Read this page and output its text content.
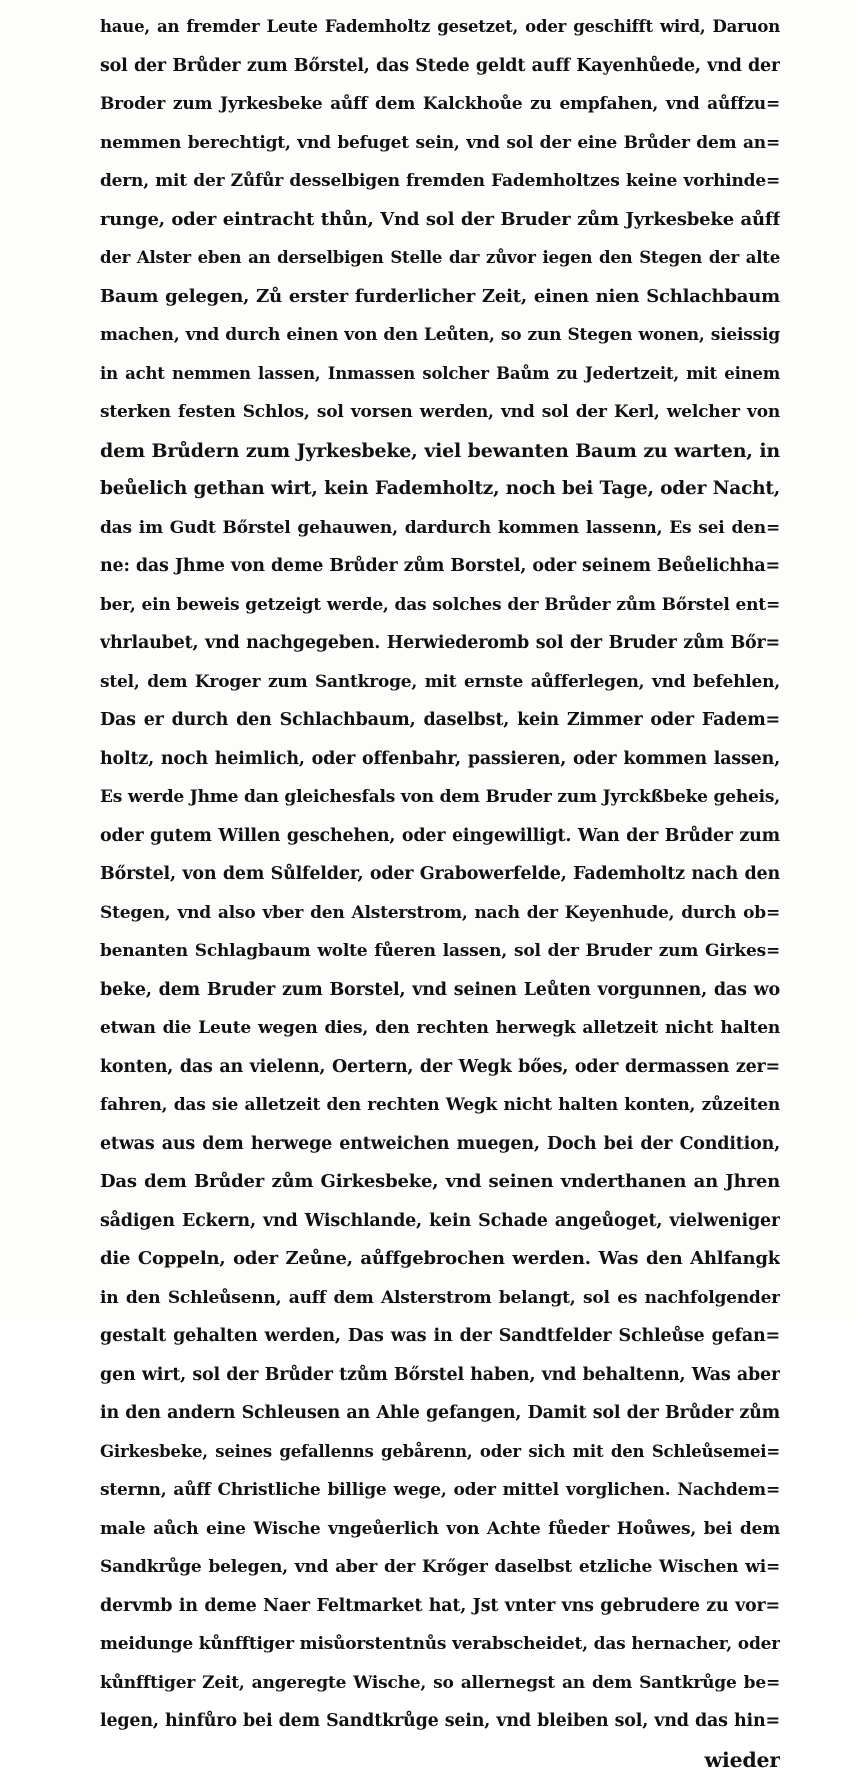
haue, an fremder Leute Fademholtz gesetzet, oder geschifft wird, Daruon
sol der Brůder zum Bőrstel, das Stede geldt auff Kayenhůede, vnd der
Broder zum Jyrkesbeke aůff dem Kalckhoůe zu empfahen, vnd aůffzu=
nemmen berechtigt, vnd befuget sein, vnd sol der eine Brůder dem an=
dern, mit der Zůfůr desselbigen fremden Fademholtzes keine vorhinde=
runge, oder eintracht thůn, Vnd sol der Bruder zům Jyrkesbeke aůff
der Alster eben an derselbigen Stelle dar zůvor iegen den Stegen der alte
Baum gelegen, Zů erster furderlicher Zeit, einen nien Schlachbaum
machen, vnd durch einen von den Leůten, so zun Stegen wonen, sieissig
in acht nemmen lassen, Inmassen solcher Baům zu Jedertzeit, mit einem
sterken festen Schlos, sol vorsen werden, vnd sol der Kerl, welcher von
dem Brůdern zum Jyrkesbeke, viel bewanten Baum zu warten, in
beůelich gethan wirt, kein Fademholtz, noch bei Tage, oder Nacht,
das im Gudt Bőrstel gehauwen, dardurch kommen lassenn, Es sei den=
ne: das Jhme von deme Brůder zům Borstel, oder seinem Beůelichha=
ber, ein beweis getzeigt werde, das solches der Brůder zům Bőrstel ent=
vhrlaubet, vnd nachgegeben. Herwiederomb sol der Bruder zům Bőr=
stel, dem Kroger zum Santkroge, mit ernste aůfferlegen, vnd befehlen,
Das er durch den Schlachbaum, daselbst, kein Zimmer oder Fadem=
holtz, noch heimlich, oder offenbahr, passieren, oder kommen lassen,
Es werde Jhme dan gleichesfals von dem Bruder zum Jyrckßbeke geheis,
oder gutem Willen geschehen, oder eingewilligt. Wan der Brůder zum
Bőrstel, von dem Sůlfelder, oder Grabowerfelde, Fademholtz nach den
Stegen, vnd also vber den Alsterstrom, nach der Keyenhude, durch ob=
benanten Schlagbaum wolte fůeren lassen, sol der Bruder zum Girkes=
beke, dem Bruder zum Borstel, vnd seinen Leůten vorgunnen, das wo
etwan die Leute wegen dies, den rechten herwegk alletzeit nicht halten
konten, das an vielenn, Oertern, der Wegk bőes, oder dermassen zer=
fahren, das sie alletzeit den rechten Wegk nicht halten konten, zůzeiten
etwas aus dem herwege entweichen muegen, Doch bei der Condition,
Das dem Brůder zům Girkesbeke, vnd seinen vnderthanen an Jhren
sådigen Eckern, vnd Wischlande, kein Schade angeůoget, vielweniger
die Coppeln, oder Zeůne, aůffgebrochen werden. Was den Ahlfangk
in den Schleůsenn, auff dem Alsterstrom belangt, sol es nachfolgender
gestalt gehalten werden, Das was in der Sandtfelder Schleůse gefan=
gen wirt, sol der Brůder tzům Bőrstel haben, vnd behaltenn, Was aber
in den andern Schleusen an Ahle gefangen, Damit sol der Brůder zům
Girkesbeke, seines gefallenns gebårenn, oder sich mit den Schleůsemei=
sternn, aůff Christliche billige wege, oder mittel vorglichen. Nachdem=
male aůch eine Wische vngeůerlich von Achte fůeder Hoůwes, bei dem
Sandkrůge belegen, vnd aber der Krőger daselbst etzliche Wischen wi=
dervmb in deme Naer Feltmarket hat, Jst vnter vns gebrudere zu vor=
meidunge kůnfftiger misůorstentnůs verabscheidet, das hernacher, oder
kůnfftiger Zeit, angeregte Wische, so allernegst an dem Santkrůge be=
legen, hinfůro bei dem Sandtkrůge sein, vnd bleiben sol, vnd das hin=
wieder
